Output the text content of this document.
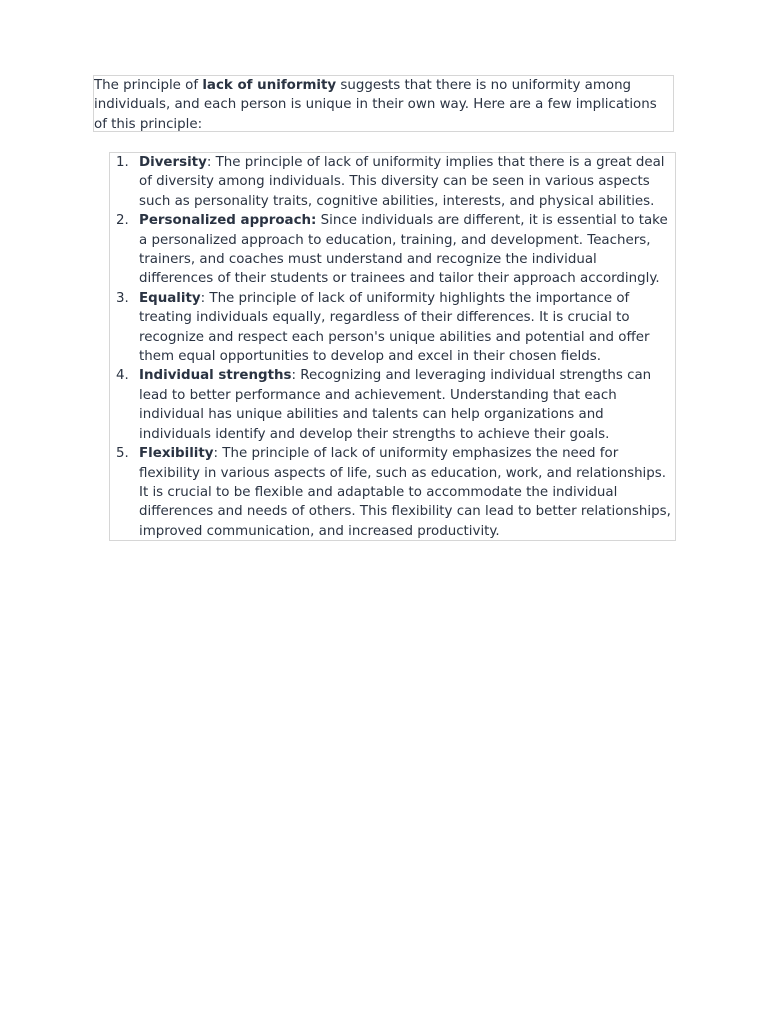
The principle of lack of uniformity suggests that there is no uniformity among individuals, and each person is unique in their own way. Here are a few implications of this principle:

1. Diversity: The principle of lack of uniformity implies that there is a great deal of diversity among individuals. This diversity can be seen in various aspects such as personality traits, cognitive abilities, interests, and physical abilities.
2. Personalized approach: Since individuals are different, it is essential to take a personalized approach to education, training, and development. Teachers, trainers, and coaches must understand and recognize the individual differences of their students or trainees and tailor their approach accordingly.
3. Equality: The principle of lack of uniformity highlights the importance of treating individuals equally, regardless of their differences. It is crucial to recognize and respect each person's unique abilities and potential and offer them equal opportunities to develop and excel in their chosen fields.
4. Individual strengths: Recognizing and leveraging individual strengths can lead to better performance and achievement. Understanding that each individual has unique abilities and talents can help organizations and individuals identify and develop their strengths to achieve their goals.
5. Flexibility: The principle of lack of uniformity emphasizes the need for flexibility in various aspects of life, such as education, work, and relationships. It is crucial to be flexible and adaptable to accommodate the individual differences and needs of others. This flexibility can lead to better relationships, improved communication, and increased productivity.
